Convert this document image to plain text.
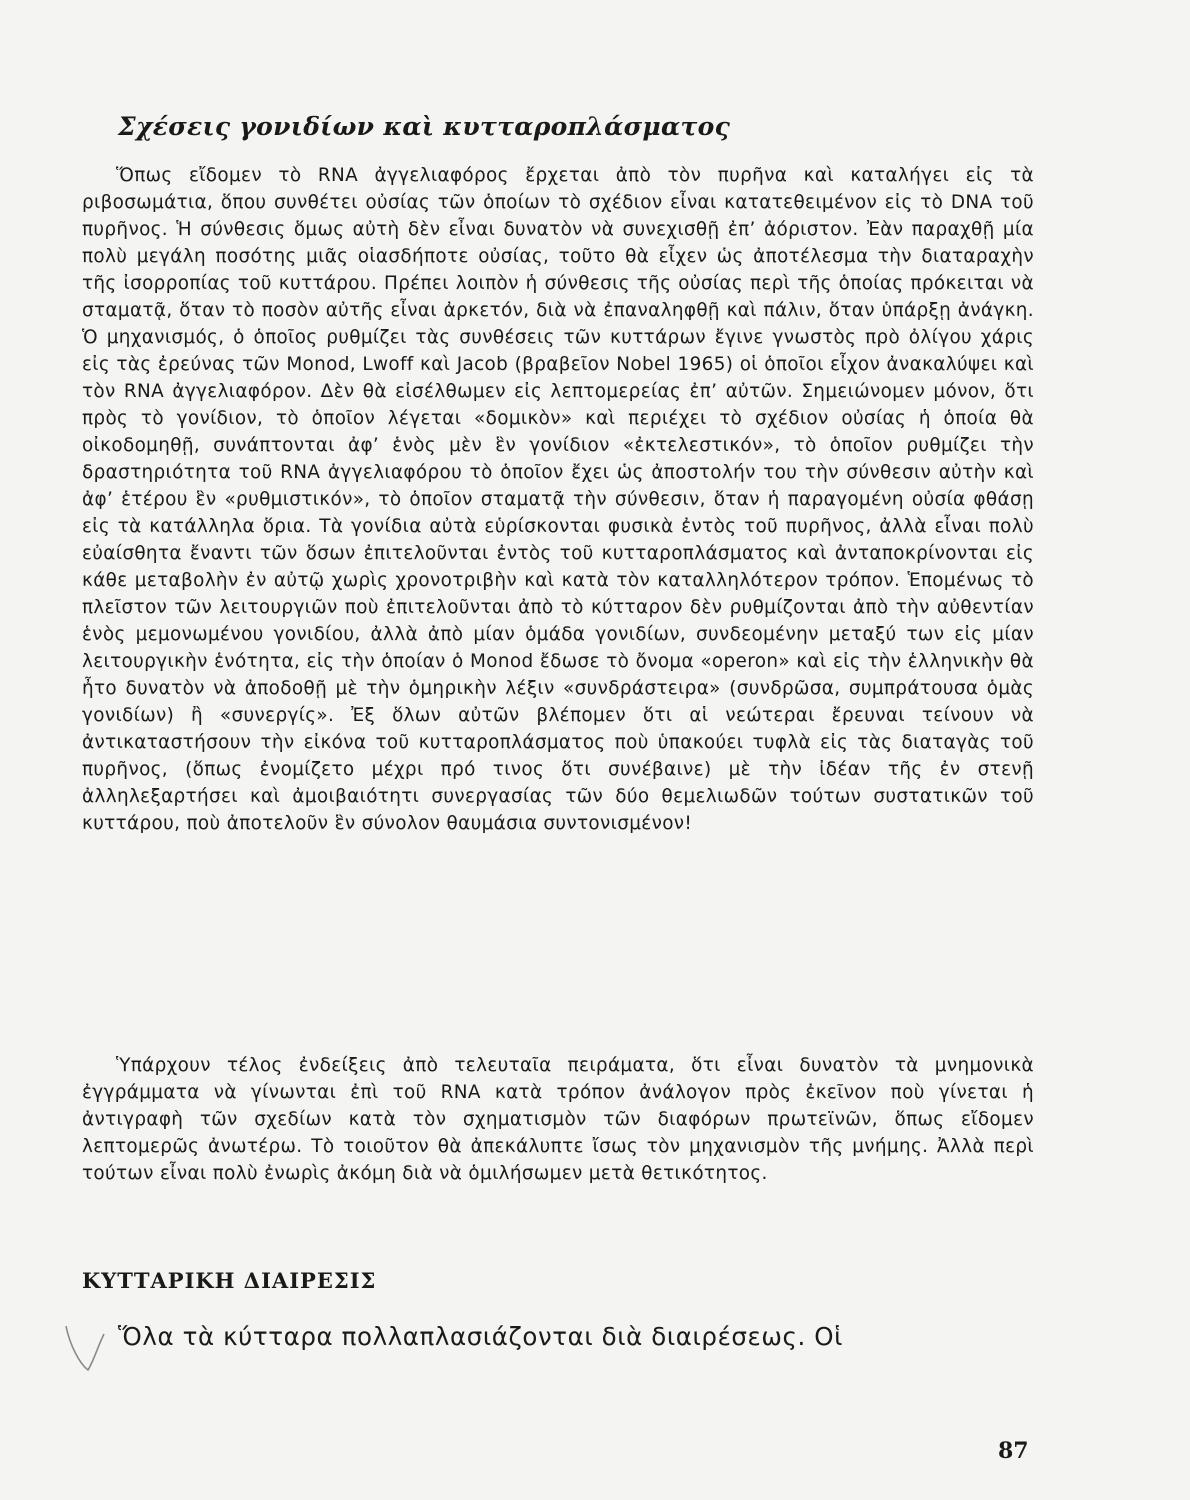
Σχέσεις γονιδίων καὶ κυτταροπλάσματος

Ὅπως εἴδομεν τὸ RNA ἀγγελιαφόρος ἔρχεται ἀπὸ τὸν πυρῆνα καὶ καταλήγει εἰς τὰ ριβοσωμάτια, ὅπου συνθέτει οὐσίας τῶν ὁποίων τὸ σχέδιον εἶναι κατατεθειμένον εἰς τὸ DNA τοῦ πυρῆνος. Ἡ σύνθεσις ὅμως αὐτὴ δὲν εἶναι δυνατὸν νὰ συνεχισθῇ ἐπ’ ἀόριστον. Ἐὰν παραχθῇ μία πολὺ μεγάλη ποσότης μιᾶς οἱασδήποτε οὐσίας, τοῦτο θὰ εἶχεν ὡς ἀποτέλεσμα τὴν διαταραχὴν τῆς ἰσορροπίας τοῦ κυττάρου. Πρέπει λοιπὸν ἡ σύνθεσις τῆς οὐσίας περὶ τῆς ὁποίας πρόκειται νὰ σταματᾷ, ὅταν τὸ ποσὸν αὐτῆς εἶναι ἀρκετόν, διὰ νὰ ἐπαναληφθῇ καὶ πάλιν, ὅταν ὑπάρξῃ ἀνάγκη. Ὁ μηχανισμός, ὁ ὁποῖος ρυθμίζει τὰς συνθέσεις τῶν κυττάρων ἔγινε γνωστὸς πρὸ ὀλίγου χάρις εἰς τὰς ἐρεύνας τῶν Monod, Lwoff καὶ Jacob (βραβεῖον Nobel 1965) οἱ ὁποῖοι εἶχον ἀνακαλύψει καὶ τὸν RNA ἀγγελιαφόρον. Δὲν θὰ εἰσέλθωμεν εἰς λεπτομερείας ἐπ’ αὐτῶν. Σημειώνομεν μόνον, ὅτι πρὸς τὸ γονίδιον, τὸ ὁποῖον λέγεται «δομικὸν» καὶ περιέχει τὸ σχέδιον οὐσίας ἡ ὁποία θὰ οἰκοδομηθῇ, συνάπτονται ἀφ’ ἑνὸς μὲν ἓν γονίδιον «ἐκτελεστικόν», τὸ ὁποῖον ρυθμίζει τὴν δραστηριότητα τοῦ RNA ἀγγελιαφόρου τὸ ὁποῖον ἔχει ὡς ἀποστολήν του τὴν σύνθεσιν αὐτὴν καὶ ἀφ’ ἑτέρου ἓν «ρυθμιστικόν», τὸ ὁποῖον σταματᾷ τὴν σύνθεσιν, ὅταν ἡ παραγομένη οὐσία φθάσῃ εἰς τὰ κατάλληλα ὅρια. Τὰ γονίδια αὐτὰ εὑρίσκονται φυσικὰ ἐντὸς τοῦ πυρῆνος, ἀλλὰ εἶναι πολὺ εὐαίσθητα ἔναντι τῶν ὅσων ἐπιτελοῦνται ἐντὸς τοῦ κυτταροπλάσματος καὶ ἀνταποκρίνονται εἰς κάθε μεταβολὴν ἐν αὐτῷ χωρὶς χρονοτριβὴν καὶ κατὰ τὸν καταλληλότερον τρόπον. Ἑπομένως τὸ πλεῖστον τῶν λειτουργιῶν ποὺ ἐπιτελοῦνται ἀπὸ τὸ κύτταρον δὲν ρυθμίζονται ἀπὸ τὴν αὐθεντίαν ἑνὸς μεμονωμένου γονιδίου, ἀλλὰ ἀπὸ μίαν ὁμάδα γονιδίων, συνδεομένην μεταξύ των εἰς μίαν λειτουργικὴν ἑνότητα, εἰς τὴν ὁποίαν ὁ Monod ἔδωσε τὸ ὄνομα «operon» καὶ εἰς τὴν ἑλληνικὴν θὰ ἦτο δυνατὸν νὰ ἀποδοθῇ μὲ τὴν ὁμηρικὴν λέξιν «συνδράστειρα» (συνδρῶσα, συμπράτουσα ὁμὰς γονιδίων) ἢ «συνεργίς». Ἐξ ὅλων αὐτῶν βλέπομεν ὅτι αἱ νεώτεραι ἔρευναι τείνουν νὰ ἀντικαταστήσουν τὴν εἰκόνα τοῦ κυτταροπλάσματος ποὺ ὑπακούει τυφλὰ εἰς τὰς διαταγὰς τοῦ πυρῆνος, (ὅπως ἐνομίζετο μέχρι πρό τινος ὅτι συνέβαινε) μὲ τὴν ἰδέαν τῆς ἐν στενῇ ἀλληλεξαρτήσει καὶ ἀμοιβαιότητι συνεργασίας τῶν δύο θεμελιωδῶν τούτων συστατικῶν τοῦ κυττάρου, ποὺ ἀποτελοῦν ἓν σύνολον θαυμάσια συντονισμένον!

Ὑπάρχουν τέλος ἐνδείξεις ἀπὸ τελευταῖα πειράματα, ὅτι εἶναι δυνατὸν τὰ μνημονικὰ ἐγγράμματα νὰ γίνωνται ἐπὶ τοῦ RNA κατὰ τρόπον ἀνάλογον πρὸς ἐκεῖνον ποὺ γίνεται ἡ ἀντιγραφὴ τῶν σχεδίων κατὰ τὸν σχηματισμὸν τῶν διαφόρων πρωτεϊνῶν, ὅπως εἴδομεν λεπτομερῶς ἀνωτέρω. Τὸ τοιοῦτον θὰ ἀπεκάλυπτε ἴσως τὸν μηχανισμὸν τῆς μνήμης. Ἀλλὰ περὶ τούτων εἶναι πολὺ ἐνωρὶς ἀκόμη διὰ νὰ ὁμιλήσωμεν μετὰ θετικότητος.

ΚΥΤΤΑΡΙΚΗ ΔΙΑΙΡΕΣΙΣ
Ὅλα τὰ κύτταρα πολλαπλασιάζονται διὰ διαιρέσεως. Οἱ
87
